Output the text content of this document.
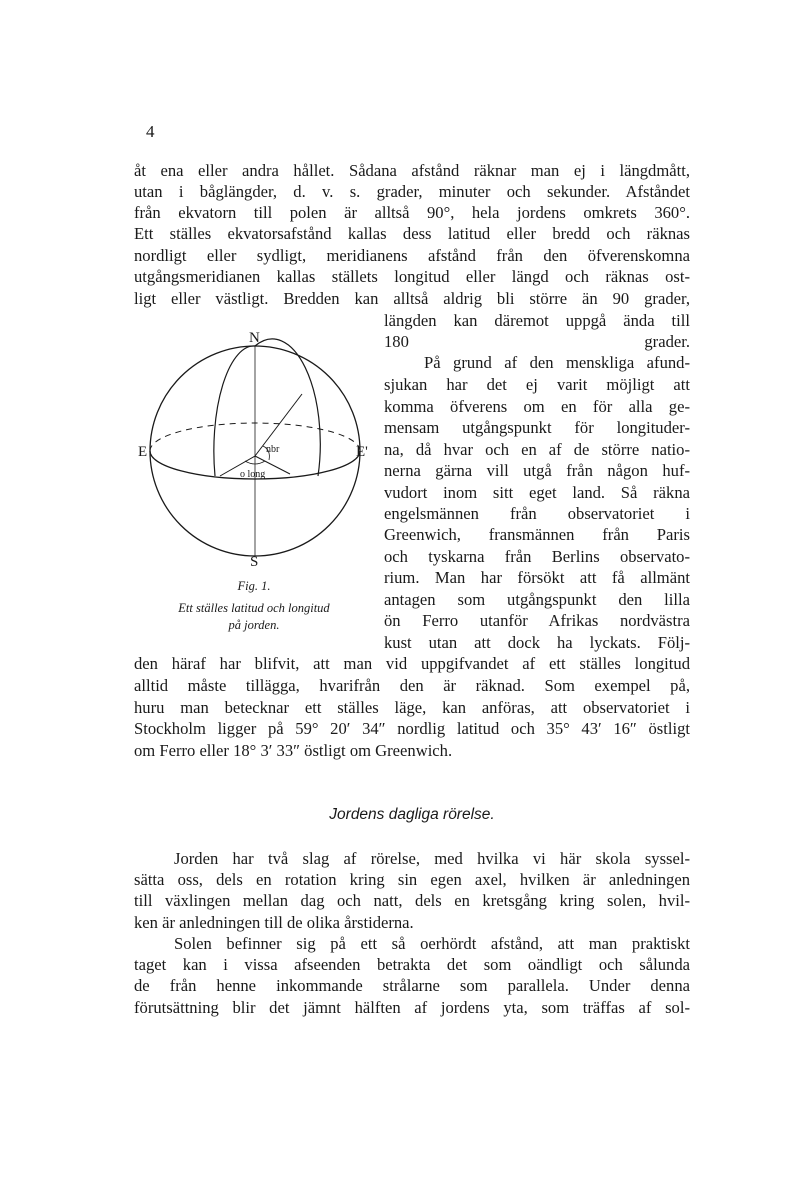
4
åt ena eller andra hållet. Sådana afstånd räknar man ej i längdmått,
utan i båglängder, d. v. s. grader, minuter och sekunder. Afståndet
från ekvatorn till polen är alltså 90°, hela jordens omkrets 360°.
Ett ställes ekvatorsafstånd kallas dess latitud eller bredd och räknas
nordligt eller sydligt, meridianens afstånd från den öfverenskomna
utgångsmeridianen kallas ställets longitud eller längd och räknas ost-
ligt eller västligt. Bredden kan alltså aldrig bli större än 90 grader,
längden kan däremot uppgå ända till
180 grader.
På grund af den menskliga afund-
sjukan har det ej varit möjligt att
komma öfverens om en för alla ge-
mensam utgångspunkt för longituder-
na, då hvar och en af de större natio-
nerna gärna vill utgå från någon huf-
vudort inom sitt eget land. Så räkna
engelsmännen från observatoriet i
Greenwich, fransmännen från Paris
och tyskarna från Berlins observato-
rium. Man har försökt att få allmänt
antagen som utgångspunkt den lilla
ön Ferro utanför Afrikas nordvästra
kust utan att dock ha lyckats. Följ-
N
S
E	E'
nbr
o long
Fig. 1.
Ett ställes latitud och longitud
på jorden.
den häraf har blifvit, att man vid uppgifvandet af ett ställes longitud
alltid måste tillägga, hvarifrån den är räknad. Som exempel på,
huru man betecknar ett ställes läge, kan anföras, att observatoriet i
Stockholm ligger på 59° 20′ 34″ nordlig latitud och 35° 43′ 16″ östligt
om Ferro eller 18° 3′ 33″ östligt om Greenwich.
Jordens dagliga rörelse.
Jorden har två slag af rörelse, med hvilka vi här skola syssel-
sätta oss, dels en rotation kring sin egen axel, hvilken är anledningen
till växlingen mellan dag och natt, dels en kretsgång kring solen, hvil-
ken är anledningen till de olika årstiderna.
Solen befinner sig på ett så oerhördt afstånd, att man praktiskt
taget kan i vissa afseenden betrakta det som oändligt och sålunda
de från henne inkommande strålarne som parallela. Under denna
förutsättning blir det jämnt hälften af jordens yta, som träffas af sol-
